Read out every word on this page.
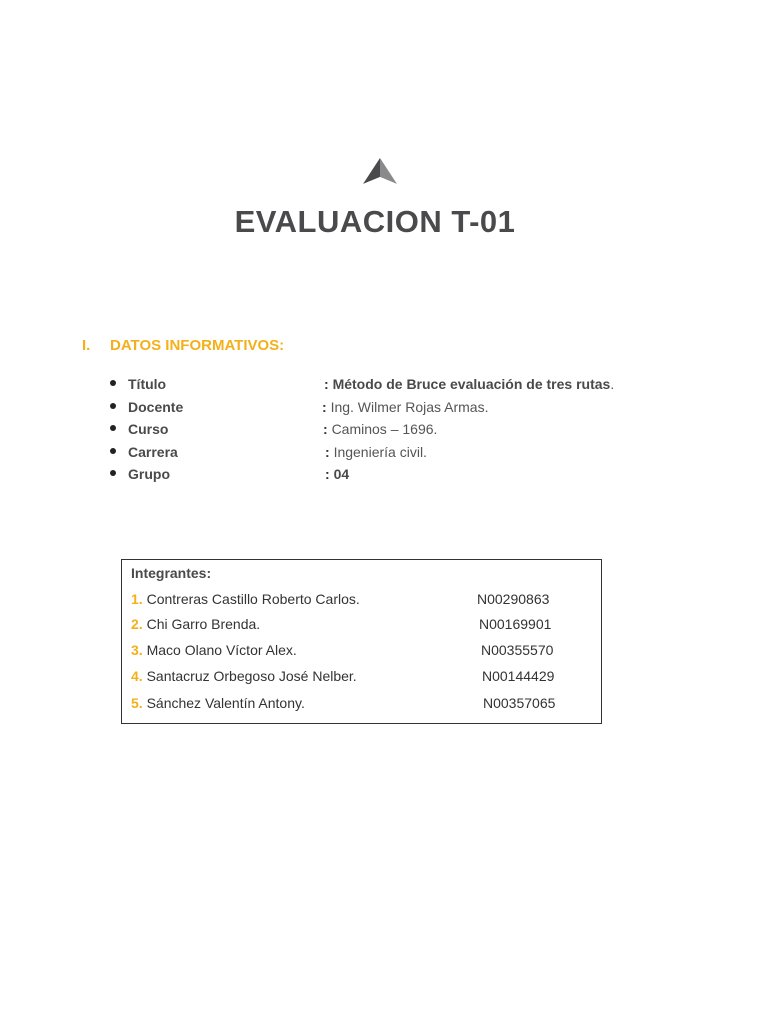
EVALUACION T-01
I. DATOS INFORMATIVOS:
Título	: Método de Bruce evaluación de tres rutas.
Docente	: Ing. Wilmer Rojas Armas.
Curso	: Caminos – 1696.
Carrera	: Ingeniería civil.
Grupo	: 04
Integrantes:
1. Contreras Castillo Roberto Carlos.	N00290863
2. Chi Garro Brenda.	N00169901
3. Maco Olano Víctor Alex.	N00355570
4. Santacruz Orbegoso José Nelber.	N00144429
5. Sánchez Valentín Antony.	N00357065
